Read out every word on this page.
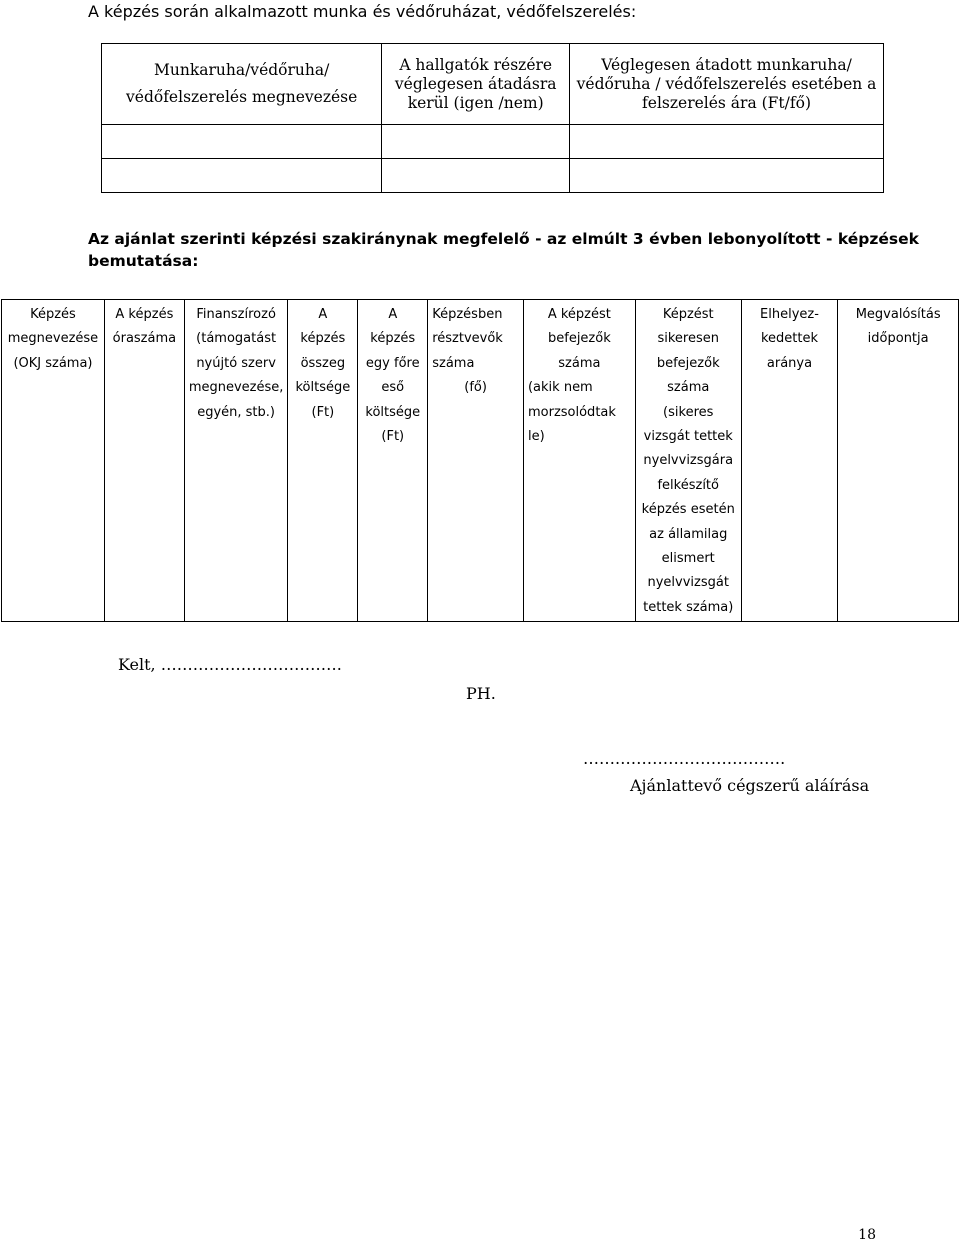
A képzés során alkalmazott munka és védőruházat, védőfelszerelés:
Munkaruha/védőruha/
védőfelszerelés megnevezése	A hallgatók részére
véglegesen átadásra
kerül (igen /nem)	Véglegesen átadott munkaruha/
védőruha / védőfelszerelés esetében a
felszerelés ára (Ft/fő)

Az ajánlat szerinti képzési szakiránynak megfelelő - az elmúlt 3 évben lebonyolított - képzések
bemutatása:
Képzés
megnevezése
(OKJ száma)

A képzés
óraszáma

Finanszírozó
(támogatást
nyújtó szerv
megnevezése,
egyén, stb.)

A
képzés
összeg
költsége
(Ft)

A
képzés
egy főre
eső
költsége
(Ft)

Képzésben
résztvevők
száma
(fő)

A képzést
befejezők
száma
(akik nem
morzsolódtak
le)

Képzést
sikeresen
befejezők
száma
(sikeres
vizsgát tettek
nyelvvizsgára
felkészítő
képzés esetén
az államilag
elismert
nyelvvizsgát
tettek száma)

Elhelyez-
kedettek
aránya

Megvalósítás
időpontja
Kelt, …………………………….
PH.
…….………………………….
Ajánlattevő cégszerű aláírása
18
